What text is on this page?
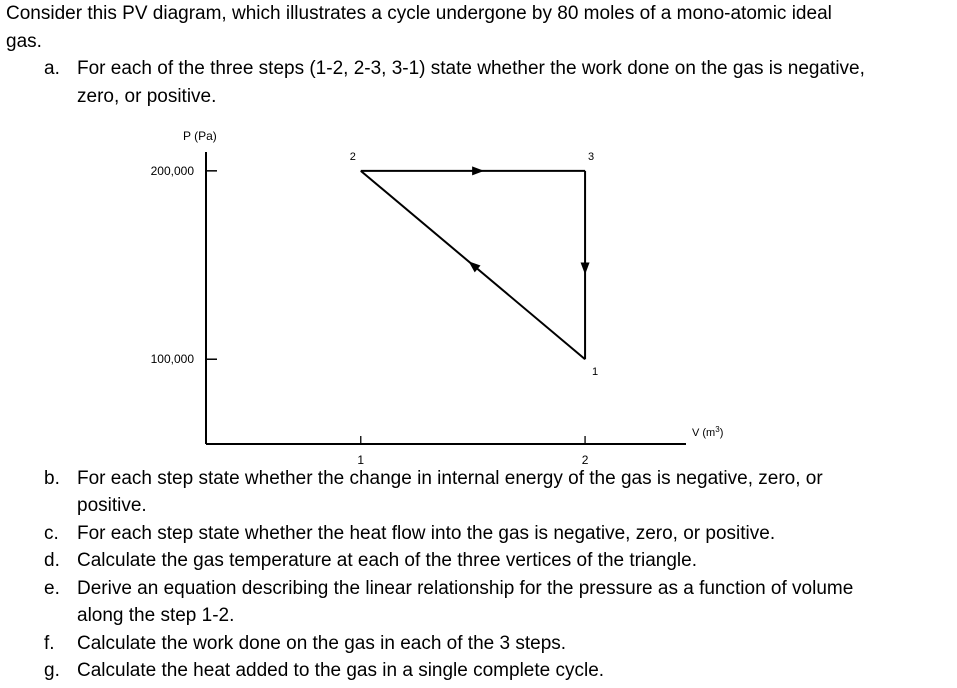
Consider this PV diagram, which illustrates a cycle undergone by 80 moles of a mono-atomic ideal
gas.
a. For each of the three steps (1-2, 2-3, 3-1) state whether the work done on the gas is negative,
zero, or positive.
P (Pa)
V $(m^3)$
200,000
100,000
1	2
1
2	3
b. For each step state whether the change in internal energy of the gas is negative, zero, or
positive.
c. For each step state whether the heat flow into the gas is negative, zero, or positive.
d. Calculate the gas temperature at each of the three vertices of the triangle.
e. Derive an equation describing the linear relationship for the pressure as a function of volume
along the step 1-2.
f. Calculate the work done on the gas in each of the 3 steps.
g. Calculate the heat added to the gas in a single complete cycle.
